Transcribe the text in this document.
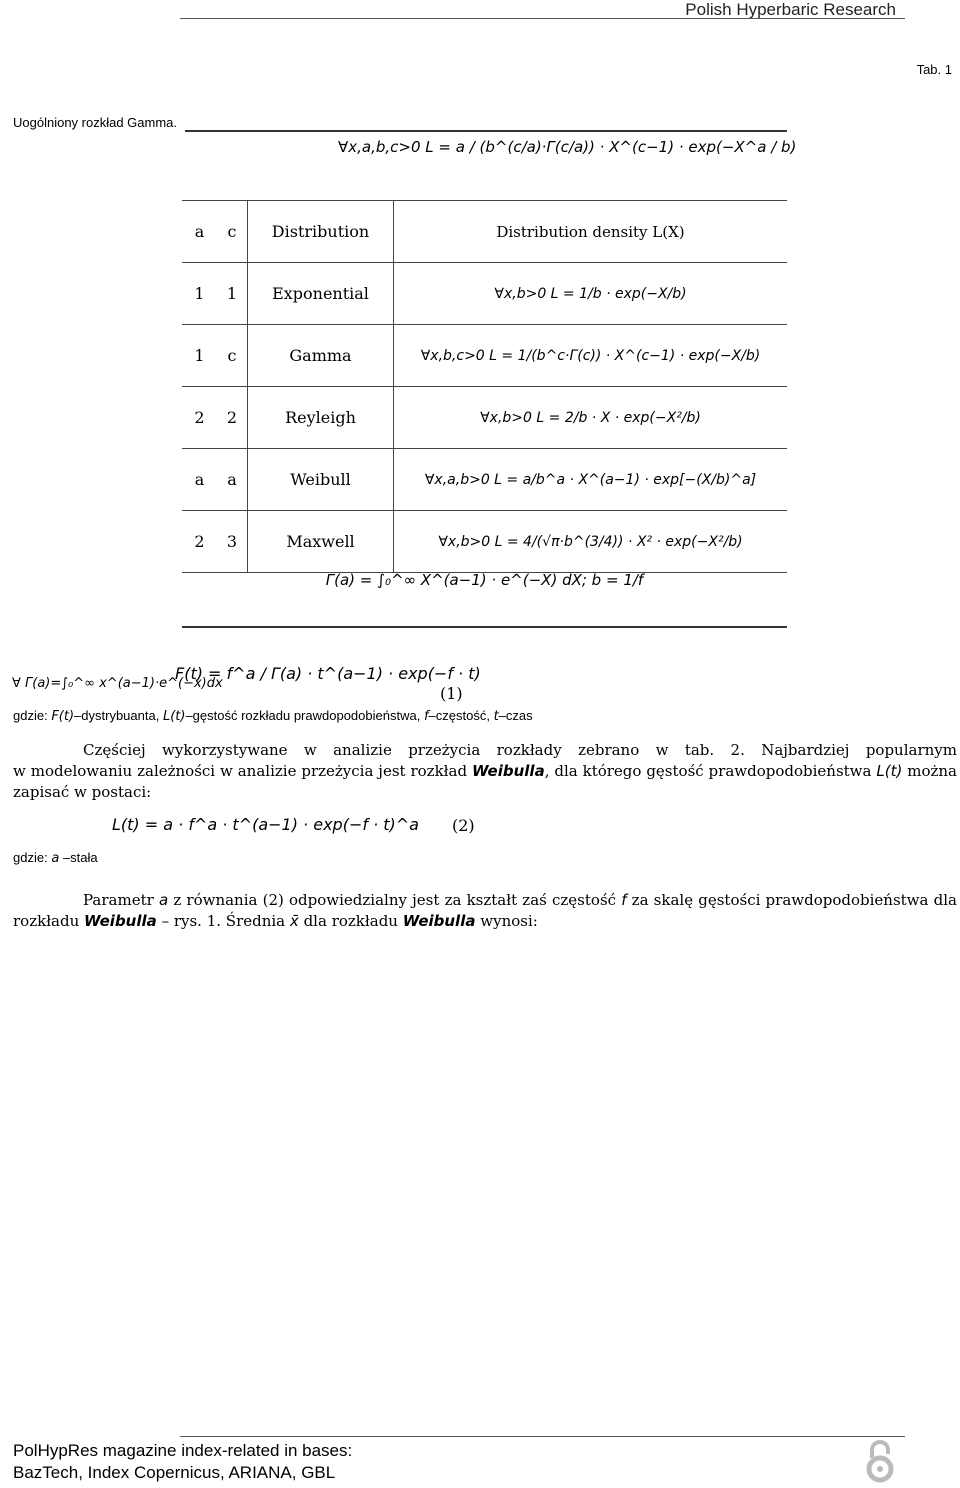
Polish Hyperbaric Research
Tab. 1
Uogólniony rozkład Gamma.
∀x,a,b,c>0 L = a / (b^(c/a)·Γ(c/a)) · X^(c−1) · exp(−X^a / b)
a	c	Distribution	Distribution density L(X)
1	1	Exponential	∀x,b>0 L = 1/b · exp(−X/b)
1	c	Gamma	∀x,b,c>0 L = 1/(b^c·Γ(c)) · X^(c−1) · exp(−X/b)
2	2	Reyleigh	∀x,b>0 L = 2/b · X · exp(−X²/b)
a	a	Weibull	∀x,a,b>0 L = a/b^a · X^(a−1) · exp[−(X/b)^a]
2	3	Maxwell	∀x,b>0 L = 4/(√π·b^(3/4)) · X² · exp(−X²/b)
Γ(a) = ∫₀^∞ X^(a−1) · e^(−X) dX; b = 1/f
∀ Γ(a)=∫₀^∞ x^(a−1)·e^(−x)dx
F(t) = f^a / Γ(a) · t^(a−1) · exp(−f · t)
(1)
gdzie: F(t)–dystrybuanta, L(t)–gęstość rozkładu prawdopodobieństwa, f–częstość, t–czas
Częściej wykorzystywane w analizie przeżycia rozkłady zebrano w tab. 2. Najbardziej popularnym
w modelowaniu zależności w analizie przeżycia jest rozkład Weibulla, dla którego gęstość prawdopodobieństwa L(t) można
zapisać w postaci:
L(t) = a · f^a · t^(a−1) · exp(−f · t)^a (2)
gdzie: a –stała
Parametr a z równania (2) odpowiedzialny jest za kształt zaś częstość f za skalę gęstości prawdopodobieństwa dla
rozkładu Weibulla – rys. 1. Średnia x̄ dla rozkładu Weibulla wynosi:
PolHypRes magazine index-related in bases:
BazTech, Index Copernicus, ARIANA, GBL
